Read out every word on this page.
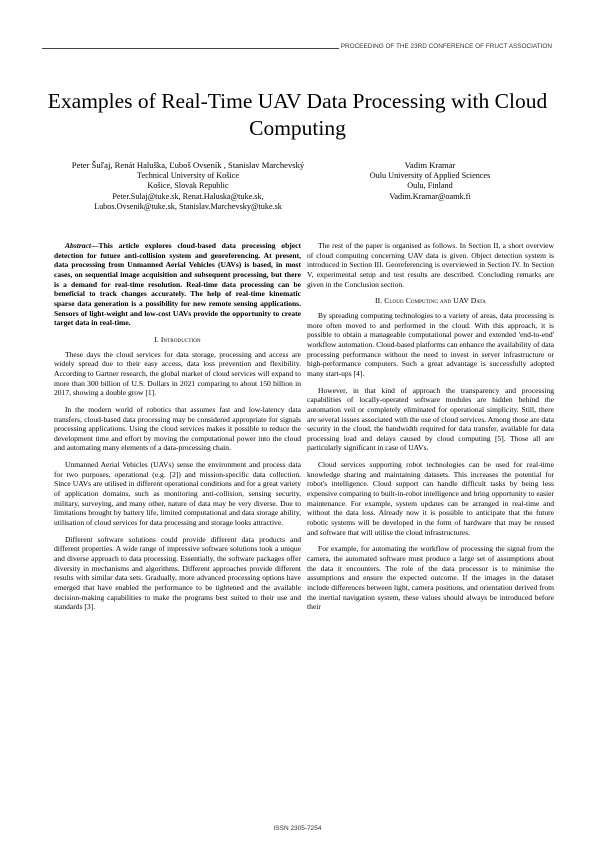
PROCEEDING OF THE 23RD CONFERENCE OF FRUCT ASSOCIATION
Examples of Real-Time UAV Data Processing with Cloud Computing
Peter Šuľaj, Renát Haluška, Ľuboš Ovseník , Stanislav Marchevský
Technical University of Košice
Košice, Slovak Republic
Peter.Sulaj@tuke.sk, Renat.Haluska@tuke.sk,
Lubos.Ovsenik@tuke.sk, Stanislav.Marchevsky@tuke.sk
Vadim Kramar
Oulu University of Applied Sciences
Oulu, Finland
Vadim.Kramar@oamk.fi

Abstract—This article explores cloud-based data processing object detection for future anti-collision system and georeferencing. At present, data processing from Unmanned Aerial Vehicles (UAVs) is based, in most cases, on sequential image acquisition and subsequent processing, but there is a demand for real-time resolution. Real-time data processing can be beneficial to track changes accurately. The help of real-time kinematic sparse data generation is a possibility for new remote sensing applications. Sensors of light-weight and low-cost UAVs provide the opportunity to create target data in real-time.

I. Introduction

These days the cloud services for data storage, processing and access are widely spread due to their easy access, data loss prevention and flexibility. According to Gartner research, the global market of cloud services will expand to more than 300 billion of U.S. Dollars in 2021 comparing to about 150 billion in 2017, showing a double grow [1].

In the modern world of robotics that assumes fast and low-latency data transfers, cloud-based data processing may be considered appropriate for signals processing applications. Using the cloud services makes it possible to reduce the development time and effort by moving the computational power into the cloud and automating many elements of a data-processing chain.

Unmanned Aerial Vehicles (UAVs) sense the environment and process data for two purposes, operational (e.g. [2]) and mission-specific data collection. Since UAVs are utilised in different operational conditions and for a great variety of application domains, such as monitoring anti-collision, sensing security, military, surveying, and many other, nature of data may be very diverse. Due to limitations brought by battery life, limited computational and data storage ability, utilisation of cloud services for data processing and storage looks attractive.

Different software solutions could provide different data products and different properties. A wide range of impressive software solutions took a unique and diverse approach to data processing. Essentially, the software packages offer diversity in mechanisms and algorithms. Different approaches provide different results with similar data sets. Gradually, more advanced processing options have emerged that have enabled the performance to be tightened and the available decision-making capabilities to make the programs best suited to their use and standards [3].

The rest of the paper is organised as follows. In Section II, a short overview of cloud computing concerning UAV data is given. Object detection system is introduced in Section III. Georeferencing is overviewed in Section IV. In Section V, experimental setup and test results are described. Concluding remarks are given in the Conclusion section.

II. Cloud Computing and UAV Data

By spreading computing technologies to a variety of areas, data processing is more often moved to and performed in the cloud. With this approach, it is possible to obtain a manageable computational power and extended 'end-to-end' workflow automation. Cloud-based platforms can enhance the availability of data processing performance without the need to invest in server infrastructure or high-performance computers. Such a great advantage is successfully adopted many start-ups [4].

However, in that kind of approach the transparency and processing capabilities of locally-operated software modules are hidden behind the automation veil or completely eliminated for operational simplicity. Still, there are several issues associated with the use of cloud services. Among those are data security in the cloud, the bandwidth required for data transfer, available for data processing load and delays caused by cloud computing [5]. Those all are particularly significant in case of UAVs.

Cloud services supporting robot technologies can be used for real-time knowledge sharing and maintaining datasets. This increases the potential for robot's intelligence. Cloud support can handle difficult tasks by being less expensive comparing to built-in-robot intelligence and bring opportunity to easier maintenance. For example, system updates can be arranged in real-time and without the data loss. Already now it is possible to anticipate that the future robotic systems will be developed in the form of hardware that may be reused and software that will utilise the cloud infrastructures.

For example, for automating the workflow of processing the signal from the camera, the automated software must produce a large set of assumptions about the data it encounters. The role of the data processor is to minimise the assumptions and ensure the expected outcome. If the images in the dataset include differences between light, camera positions, and orientation derived from the inertial navigation system, these values should always be introduced before their

ISSN 2305-7254
